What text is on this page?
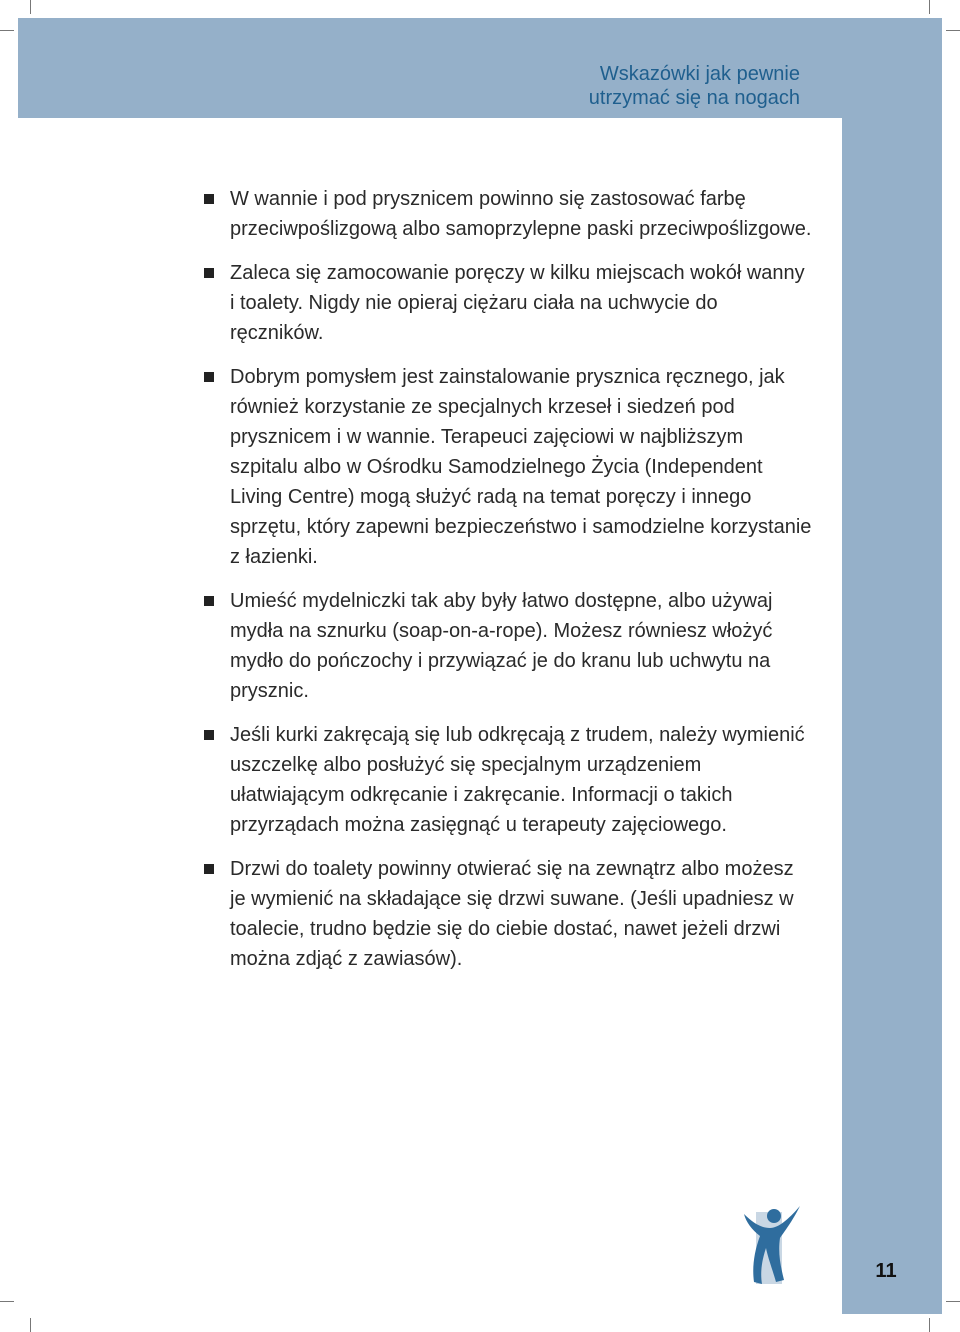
Wskazówki jak pewnie
utrzymać się na nogach
W wannie i pod prysznicem powinno się zastosować farbę przeciwpoślizgową albo samoprzylepne paski przeciwpoślizgowe.
Zaleca się zamocowanie poręczy w kilku miejscach wokół wanny i toalety. Nigdy nie opieraj ciężaru ciała na uchwycie do ręczników.
Dobrym pomysłem jest zainstalowanie prysznica ręcznego, jak również korzystanie ze specjalnych krzeseł i siedzeń pod prysznicem i w wannie. Terapeuci zajęciowi w najbliższym szpitalu albo w Ośrodku Samodzielnego Życia (Independent Living Centre) mogą służyć radą na temat poręczy i innego sprzętu, który zapewni bezpieczeństwo i samodzielne korzystanie z łazienki.
Umieść mydelniczki tak aby były łatwo dostępne, albo używaj mydła na sznurku (soap-on-a-rope). Możesz równiesz włożyć mydło do pończochy i przywiązać je do kranu lub uchwytu na prysznic.
Jeśli kurki zakręcają się lub odkręcają z trudem, należy wymienić uszczelkę albo posłużyć się specjalnym urządzeniem ułatwiającym odkręcanie i zakręcanie. Informacji o takich przyrządach można zasięgnąć u terapeuty zajęciowego.
Drzwi do toalety powinny otwierać się na zewnątrz albo możesz je wymienić na składające się drzwi suwane. (Jeśli upadniesz w toalecie, trudno będzie się do ciebie dostać, nawet jeżeli drzwi można zdjąć z zawiasów).
11
